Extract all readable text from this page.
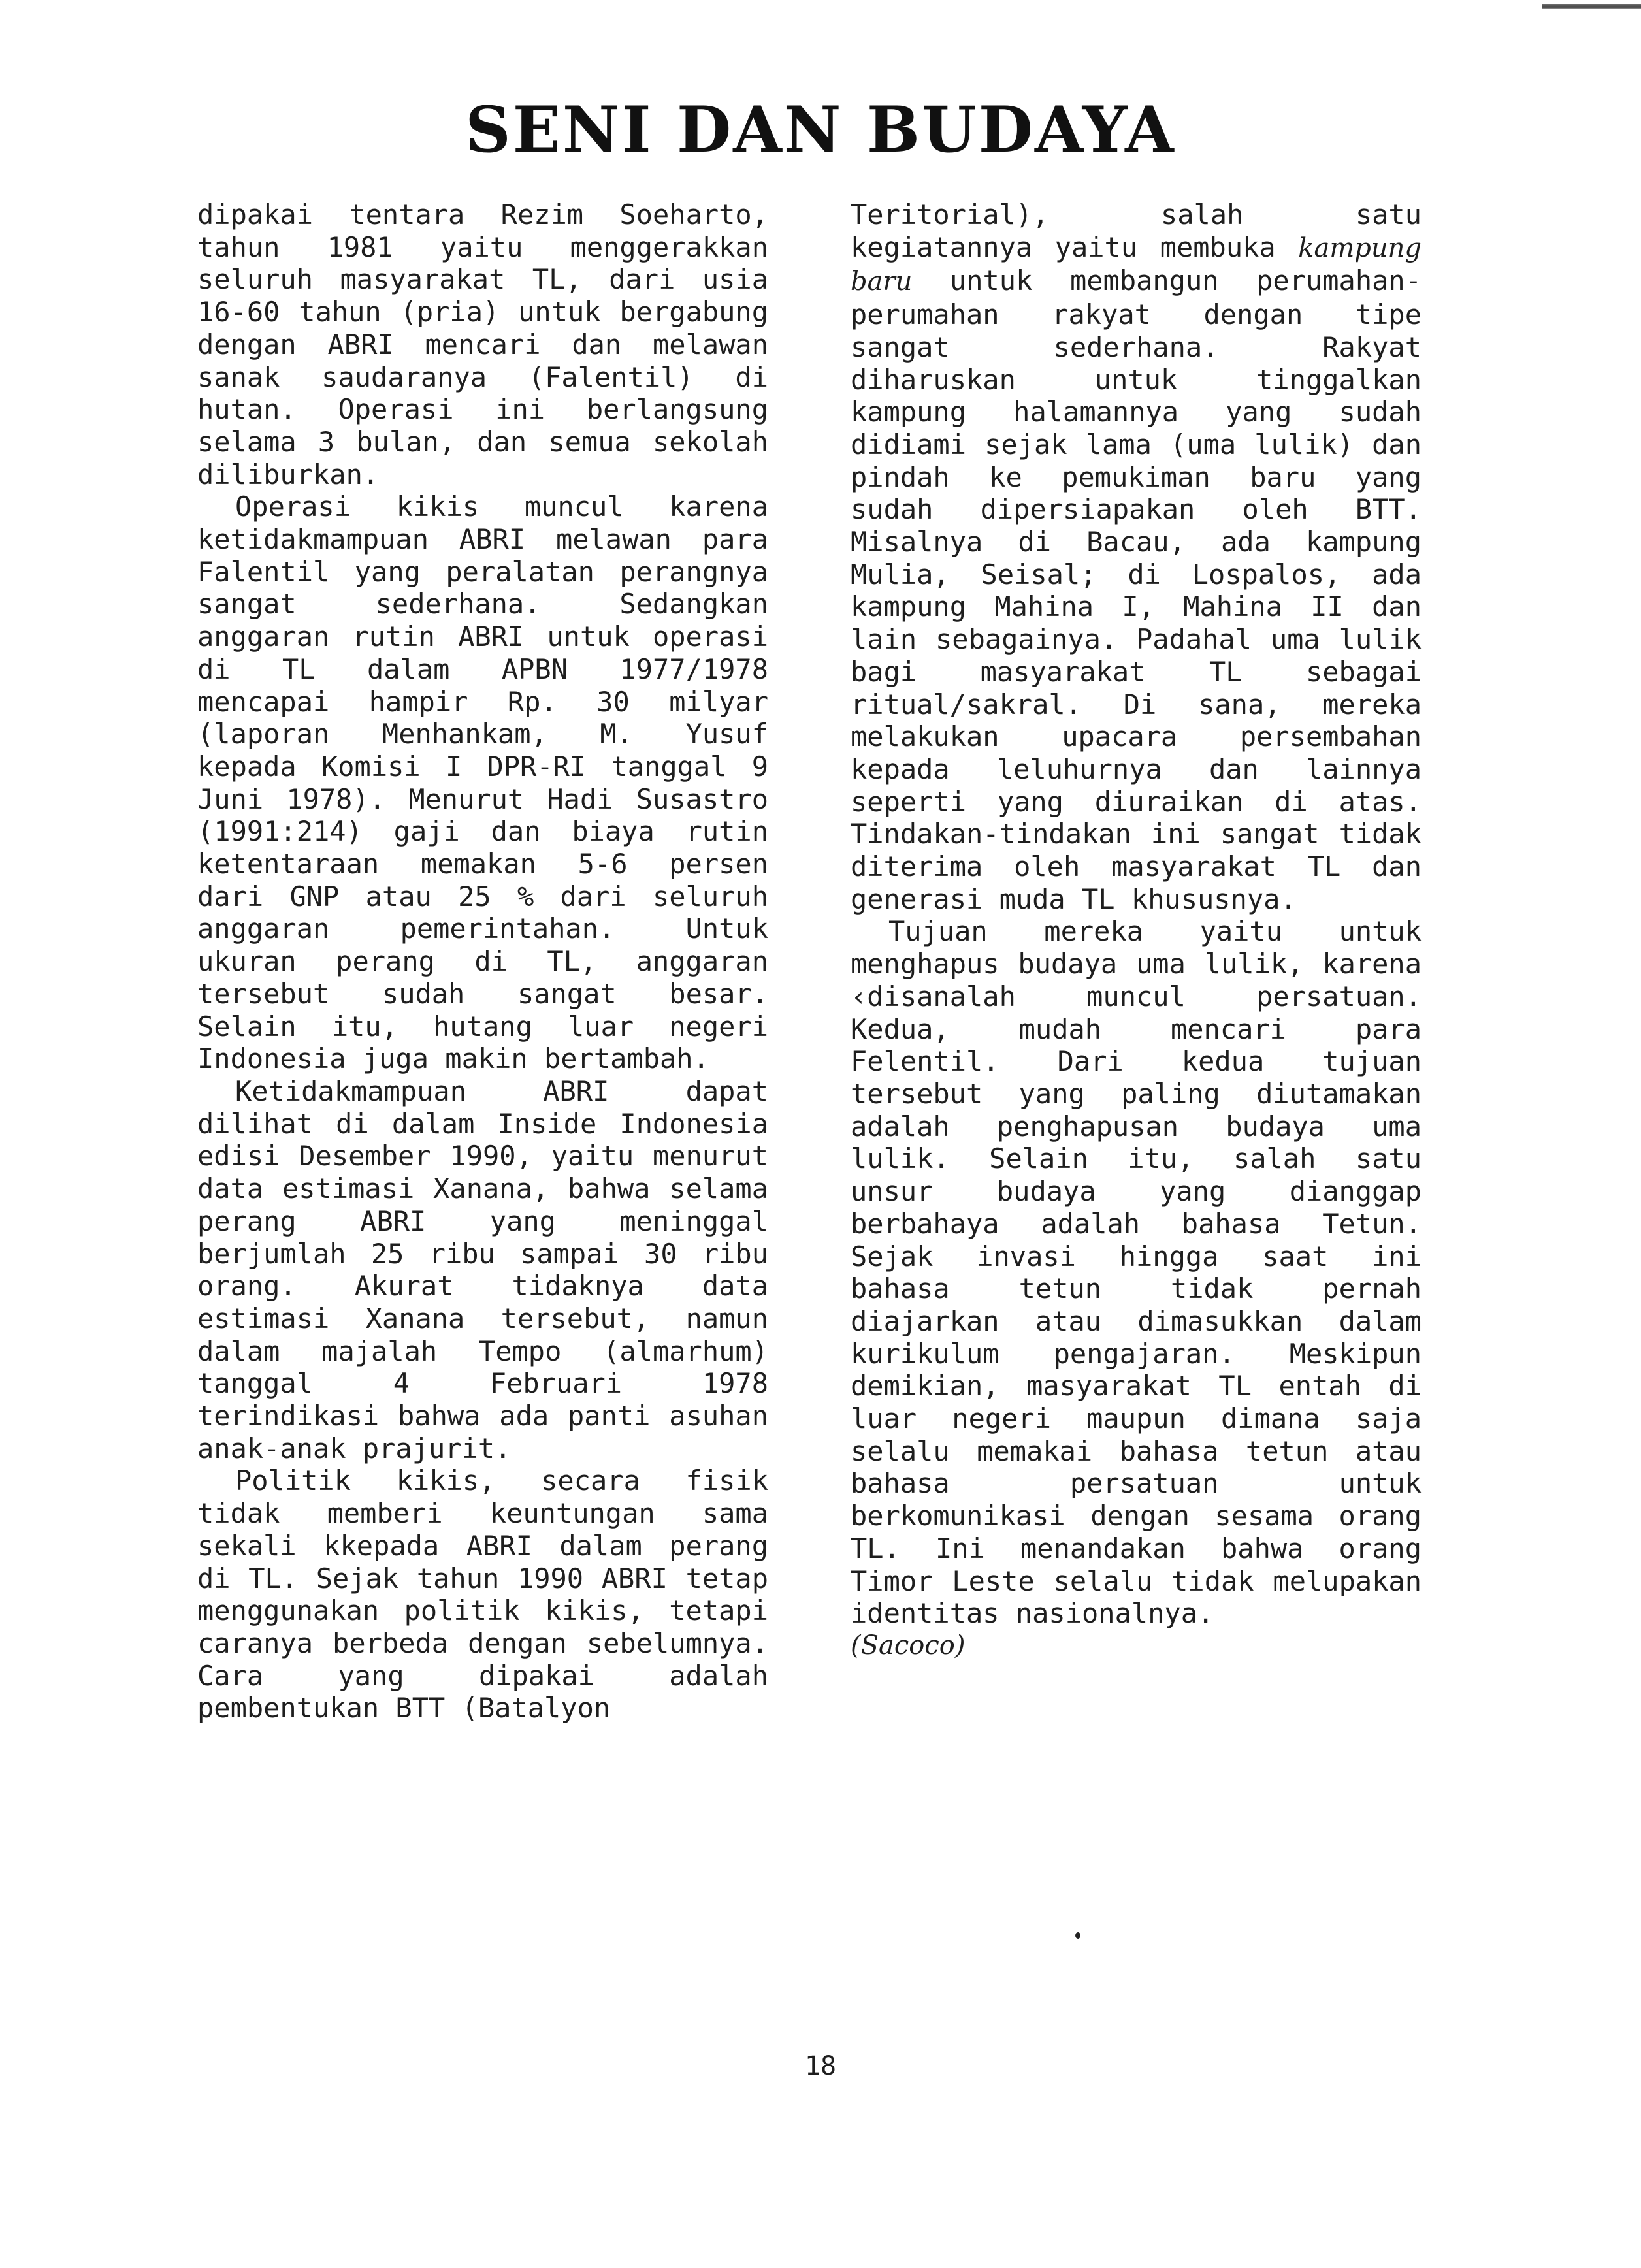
SENI DAN BUDAYA

dipakai tentara Rezim Soeharto, tahun 1981 yaitu menggerakkan seluruh masyarakat TL, dari usia 16-60 tahun (pria) untuk bergabung dengan ABRI mencari dan melawan sanak saudaranya (Falentil) di hutan. Operasi ini berlangsung selama 3 bulan, dan semua sekolah diliburkan.

Operasi kikis muncul karena ketidakmampuan ABRI melawan para Falentil yang peralatan perangnya sangat sederhana. Sedangkan anggaran rutin ABRI untuk operasi di TL dalam APBN 1977/1978 mencapai hampir Rp. 30 milyar (laporan Menhankam, M. Yusuf kepada Komisi I DPR-RI tanggal 9 Juni 1978). Menurut Hadi Susastro (1991:214) gaji dan biaya rutin ketentaraan memakan 5-6 persen dari GNP atau 25 % dari seluruh anggaran pemerintahan. Untuk ukuran perang di TL, anggaran tersebut sudah sangat besar. Selain itu, hutang luar negeri Indonesia juga makin bertambah.

Ketidakmampuan ABRI dapat dilihat di dalam Inside Indonesia edisi Desember 1990, yaitu menurut data estimasi Xanana, bahwa selama perang ABRI yang meninggal berjumlah 25 ribu sampai 30 ribu orang. Akurat tidaknya data estimasi Xanana tersebut, namun dalam majalah Tempo (almarhum) tanggal 4 Februari 1978 terindikasi bahwa ada panti asuhan anak-anak prajurit.

Politik kikis, secara fisik tidak memberi keuntungan sama sekali kkepada ABRI dalam perang di TL. Sejak tahun 1990 ABRI tetap menggunakan politik kikis, tetapi caranya berbeda dengan sebelumnya. Cara yang dipakai adalah pembentukan BTT (Batalyon

Teritorial), salah satu kegiatannya yaitu membuka kampung baru untuk membangun perumahan-perumahan rakyat dengan tipe sangat sederhana. Rakyat diharuskan untuk tinggalkan kampung halamannya yang sudah didiami sejak lama (uma lulik) dan pindah ke pemukiman baru yang sudah dipersiapakan oleh BTT. Misalnya di Bacau, ada kampung Mulia, Seisal; di Lospalos, ada kampung Mahina I, Mahina II dan lain sebagainya. Padahal uma lulik bagi masyarakat TL sebagai ritual/sakral. Di sana, mereka melakukan upacara persembahan kepada leluhurnya dan lainnya seperti yang diuraikan di atas. Tindakan-tindakan ini sangat tidak diterima oleh masyarakat TL dan generasi muda TL khususnya.

Tujuan mereka yaitu untuk menghapus budaya uma lulik, karena ‹disanalah muncul persatuan. Kedua, mudah mencari para Felentil. Dari kedua tujuan tersebut yang paling diutamakan adalah penghapusan budaya uma lulik. Selain itu, salah satu unsur budaya yang dianggap berbahaya adalah bahasa Tetun. Sejak invasi hingga saat ini bahasa tetun tidak pernah diajarkan atau dimasukkan dalam kurikulum pengajaran. Meskipun demikian, masyarakat TL entah di luar negeri maupun dimana saja selalu memakai bahasa tetun atau bahasa persatuan untuk berkomunikasi dengan sesama orang TL. Ini menandakan bahwa orang Timor Leste selalu tidak melupakan identitas nasionalnya.

(Sacoco)

18
